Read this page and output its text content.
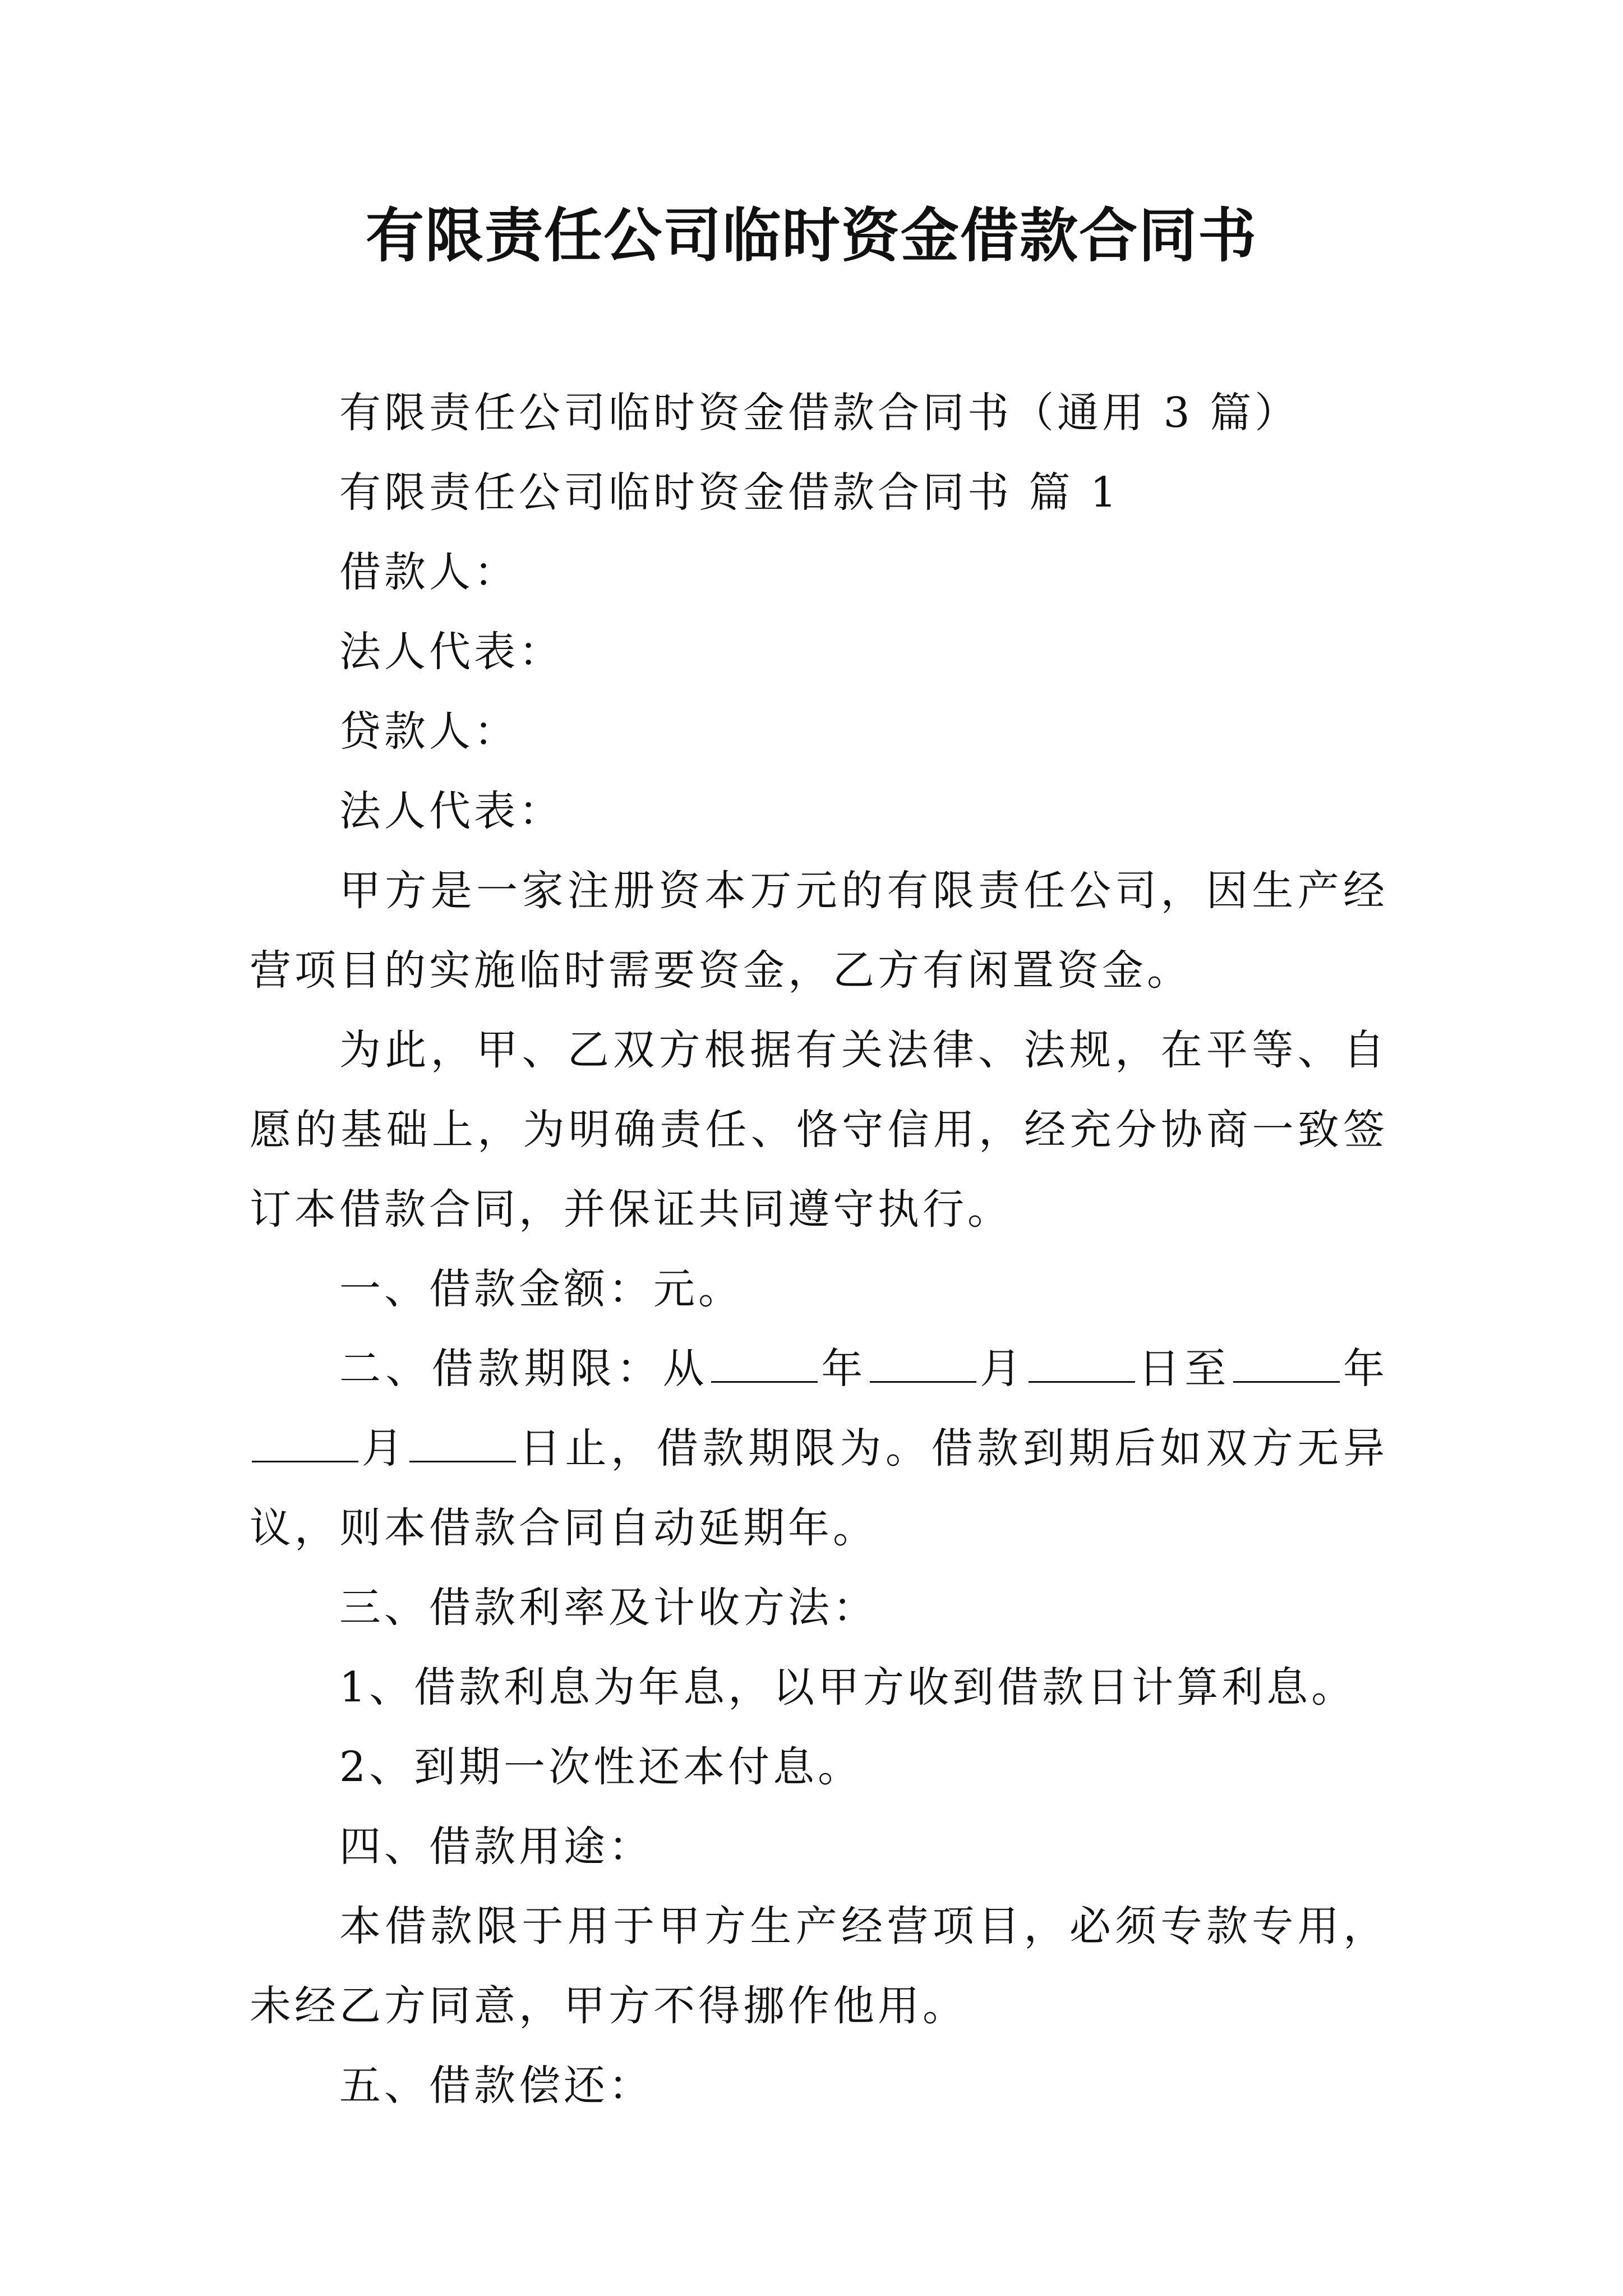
有限责任公司临时资金借款合同书

有限责任公司临时资金借款合同书（通用 3 篇）

有限责任公司临时资金借款合同书 篇 1

借款人：

法人代表：

贷款人：

法人代表：

甲方是一家注册资本万元的有限责任公司，因生产经营项目的实施临时需要资金，乙方有闲置资金。

为此，甲、乙双方根据有关法律、法规，在平等、自愿的基础上，为明确责任、恪守信用，经充分协商一致签订本借款合同，并保证共同遵守执行。

一、借款金额：元。

二、借款期限：从	年	月	日至	年月	日止，借款期限为。借款到期后如双方无异议，则本借款合同自动延期年。

三、借款利率及计收方法：

1、借款利息为年息，以甲方收到借款日计算利息。

2、到期一次性还本付息。

四、借款用途：

本借款限于用于甲方生产经营项目，必须专款专用，未经乙方同意，甲方不得挪作他用。

五、借款偿还：
